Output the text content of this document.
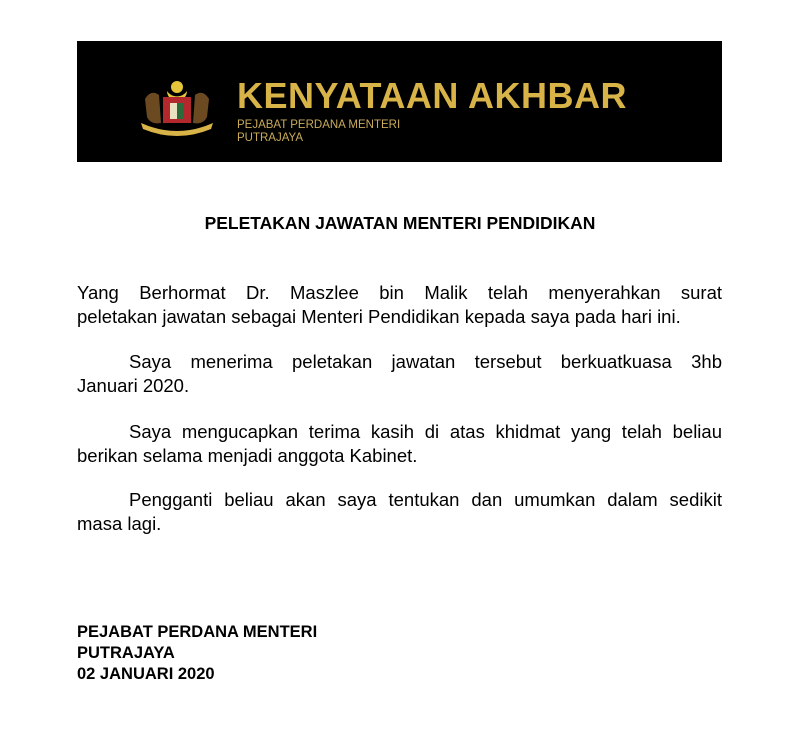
KENYATAAN AKHBAR
PEJABAT PERDANA MENTERI
PUTRAJAYA
PELETAKAN JAWATAN MENTERI PENDIDIKAN
Yang Berhormat Dr. Maszlee bin Malik telah menyerahkan surat
peletakan jawatan sebagai Menteri Pendidikan kepada saya pada hari ini.
Saya menerima peletakan jawatan tersebut berkuatkuasa 3hb
Januari 2020.
Saya mengucapkan terima kasih di atas khidmat yang telah beliau
berikan selama menjadi anggota Kabinet.
Pengganti beliau akan saya tentukan dan umumkan dalam sedikit
masa lagi.
PEJABAT PERDANA MENTERI
PUTRAJAYA
02 JANUARI 2020
